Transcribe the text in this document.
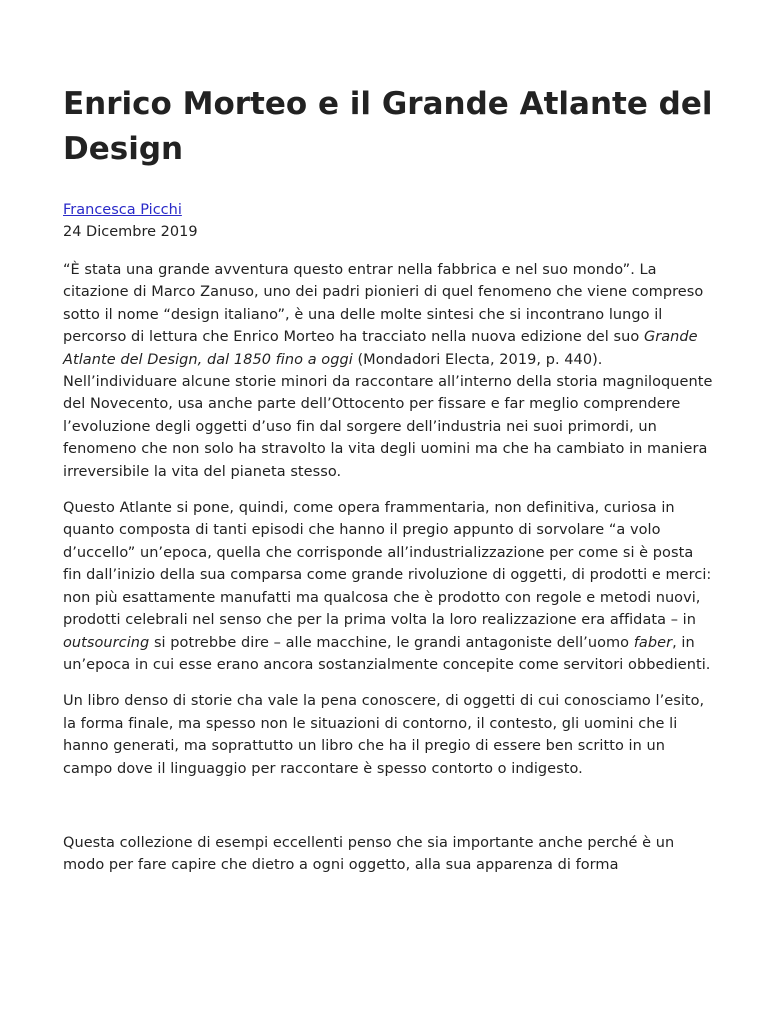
Enrico Morteo e il Grande Atlante del Design
Francesca Picchi
24 Dicembre 2019

“È stata una grande avventura questo entrar nella fabbrica e nel suo mondo”. La citazione di Marco Zanuso, uno dei padri pionieri di quel fenomeno che viene compreso sotto il nome “design italiano”, è una delle molte sintesi che si incontrano lungo il percorso di lettura che Enrico Morteo ha tracciato nella nuova edizione del suo Grande Atlante del Design, dal 1850 fino a oggi (Mondadori Electa, 2019, p. 440). Nell’individuare alcune storie minori da raccontare all’interno della storia magniloquente del Novecento, usa anche parte dell’Ottocento per fissare e far meglio comprendere l’evoluzione degli oggetti d’uso fin dal sorgere dell’industria nei suoi primordi, un fenomeno che non solo ha stravolto la vita degli uomini ma che ha cambiato in maniera irreversibile la vita del pianeta stesso.

Questo Atlante si pone, quindi, come opera frammentaria, non definitiva, curiosa in quanto composta di tanti episodi che hanno il pregio appunto di sorvolare “a volo d’uccello” un’epoca, quella che corrisponde all’industrializzazione per come si è posta fin dall’inizio della sua comparsa come grande rivoluzione di oggetti, di prodotti e merci: non più esattamente manufatti ma qualcosa che è prodotto con regole e metodi nuovi, prodotti celebrali nel senso che per la prima volta la loro realizzazione era affidata – in outsourcing si potrebbe dire – alle macchine, le grandi antagoniste dell’uomo faber, in un’epoca in cui esse erano ancora sostanzialmente concepite come servitori obbedienti.

Un libro denso di storie cha vale la pena conoscere, di oggetti di cui conosciamo l’esito, la forma finale, ma spesso non le situazioni di contorno, il contesto, gli uomini che li hanno generati, ma soprattutto un libro che ha il pregio di essere ben scritto in un campo dove il linguaggio per raccontare è spesso contorto o indigesto.

Questa collezione di esempi eccellenti penso che sia importante anche perché è un modo per fare capire che dietro a ogni oggetto, alla sua apparenza di forma
